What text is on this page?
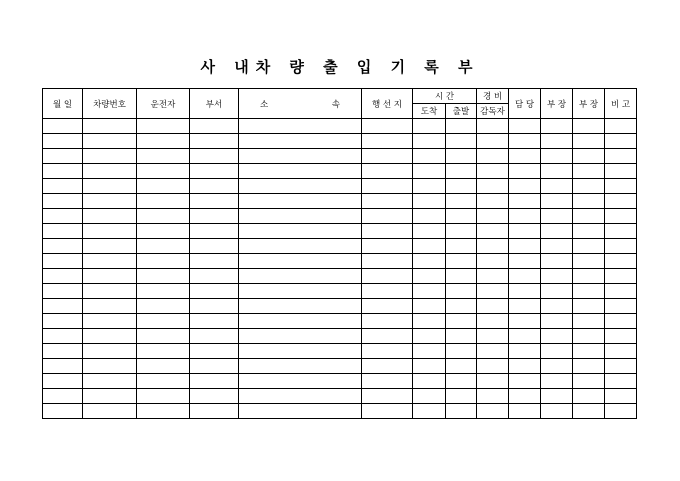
사 내차 량 출 입 기 록 부
월 일	차량번호	운전자	부서	소 속	행 선 지	시 간		경 비	담 당	부 장	부 장	비 고
						도착	출발	감독자				
